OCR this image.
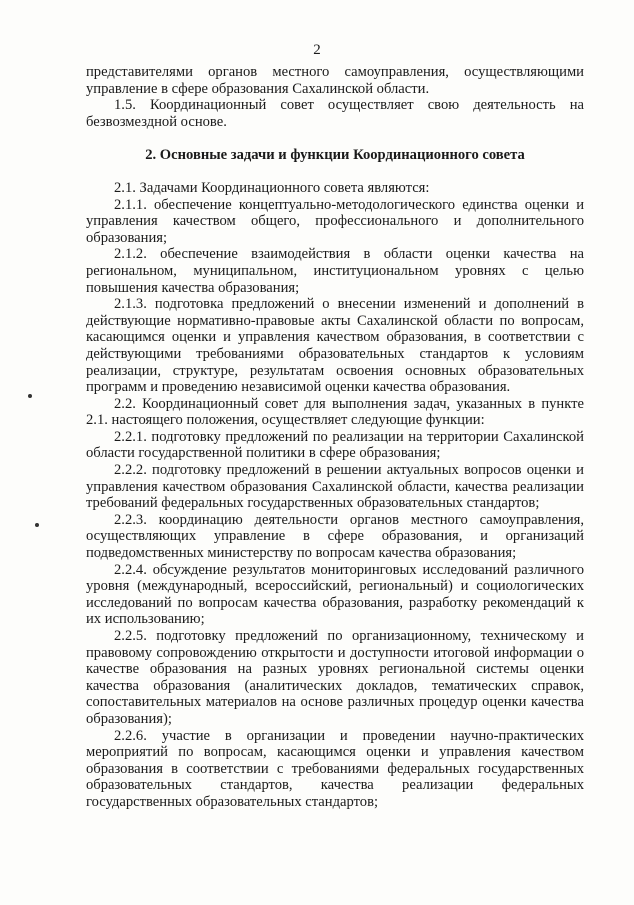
2

представителями органов местного самоуправления, осуществляющими управление в сфере образования Сахалинской области.

1.5. Координационный совет осуществляет свою деятельность на безвозмездной основе.

2. Основные задачи и функции Координационного совета

2.1. Задачами Координационного совета являются:

2.1.1. обеспечение концептуально-методологического единства оценки и управления качеством общего, профессионального и дополнительного образования;

2.1.2. обеспечение взаимодействия в области оценки качества на региональном, муниципальном, институциональном уровнях с целью повышения качества образования;

2.1.3. подготовка предложений о внесении изменений и дополнений в действующие нормативно-правовые акты Сахалинской области по вопросам, касающимся оценки и управления качеством образования, в соответствии с действующими требованиями образовательных стандартов к условиям реализации, структуре, результатам освоения основных образовательных программ и проведению независимой оценки качества образования.

2.2. Координационный совет для выполнения задач, указанных в пункте 2.1. настоящего положения, осуществляет следующие функции:

2.2.1. подготовку предложений по реализации на территории Сахалинской области государственной политики в сфере образования;

2.2.2. подготовку предложений в решении актуальных вопросов оценки и управления качеством образования Сахалинской области, качества реализации требований федеральных государственных образовательных стандартов;

2.2.3. координацию деятельности органов местного самоуправления, осуществляющих управление в сфере образования, и организаций подведомственных министерству по вопросам качества образования;

2.2.4. обсуждение результатов мониторинговых исследований различного уровня (международный, всероссийский, региональный) и социологических исследований по вопросам качества образования, разработку рекомендаций к их использованию;

2.2.5. подготовку предложений по организационному, техническому и правовому сопровождению открытости и доступности итоговой информации о качестве образования на разных уровнях региональной системы оценки качества образования (аналитических докладов, тематических справок, сопоставительных материалов на основе различных процедур оценки качества образования);

2.2.6. участие в организации и проведении научно-практических мероприятий по вопросам, касающимся оценки и управления качеством образования в соответствии с требованиями федеральных государственных образовательных стандартов, качества реализации федеральных государственных образовательных стандартов;
